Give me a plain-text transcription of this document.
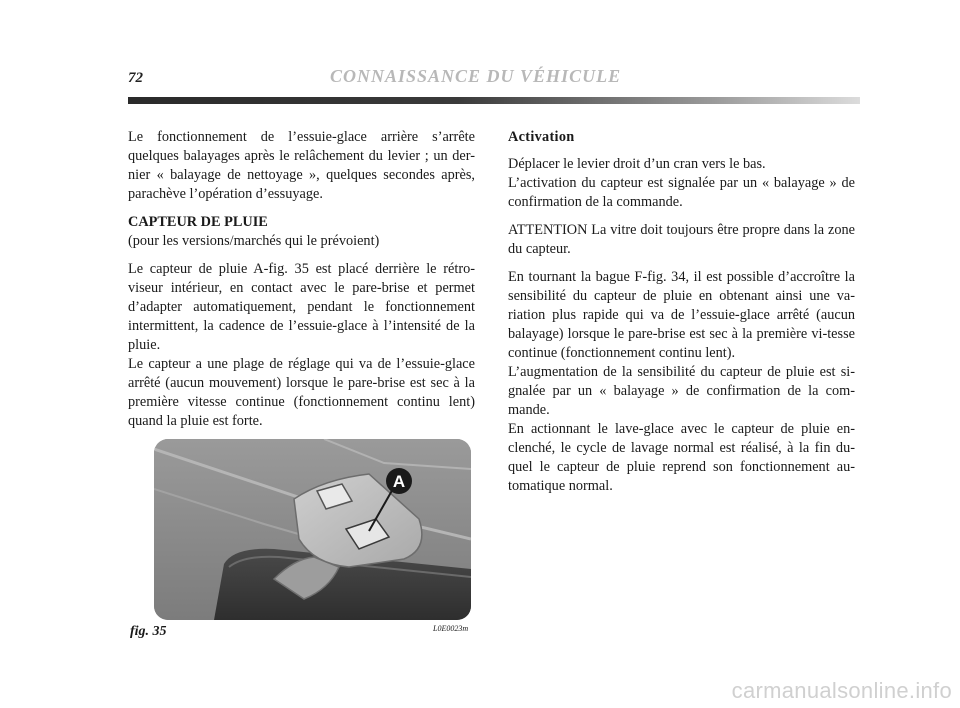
72	CONNAISSANCE DU VÉHICULE

Le fonctionnement de l’essuie-glace arrière s’arrête quelques balayages après le relâchement du levier ; un der-nier « balayage de nettoyage », quelques secondes après, parachève l’opération d’essuyage.

CAPTEUR DE PLUIE
(pour les versions/marchés qui le prévoient)

Le capteur de pluie A-fig. 35 est placé derrière le rétro-viseur intérieur, en contact avec le pare-brise et permet d’adapter automatiquement, pendant le fonctionnement intermittent, la cadence de l’essuie-glace à l’intensité de la pluie.

Le capteur a une plage de réglage qui va de l’essuie-glace arrêté (aucun mouvement) lorsque le pare-brise est sec à la première vitesse continue (fonctionnement continu lent) quand la pluie est forte.

Activation

Déplacer le levier droit d’un cran vers le bas.

L’activation du capteur est signalée par un « balayage » de confirmation de la commande.

ATTENTION La vitre doit toujours être propre dans la zone du capteur.

En tournant la bague F-fig. 34, il est possible d’accroître la sensibilité du capteur de pluie en obtenant ainsi une va-riation plus rapide qui va de l’essuie-glace arrêté (aucun balayage) lorsque le pare-brise est sec à la première vi-tesse continue (fonctionnement continu lent).

L’augmentation de la sensibilité du capteur de pluie est si-gnalée par un « balayage » de confirmation de la com-mande.

En actionnant le lave-glace avec le capteur de pluie en-clenché, le cycle de lavage normal est réalisé, à la fin du-quel le capteur de pluie reprend son fonctionnement au-tomatique normal.

A
fig. 35	L0E0023m
carmanualsonline.info
